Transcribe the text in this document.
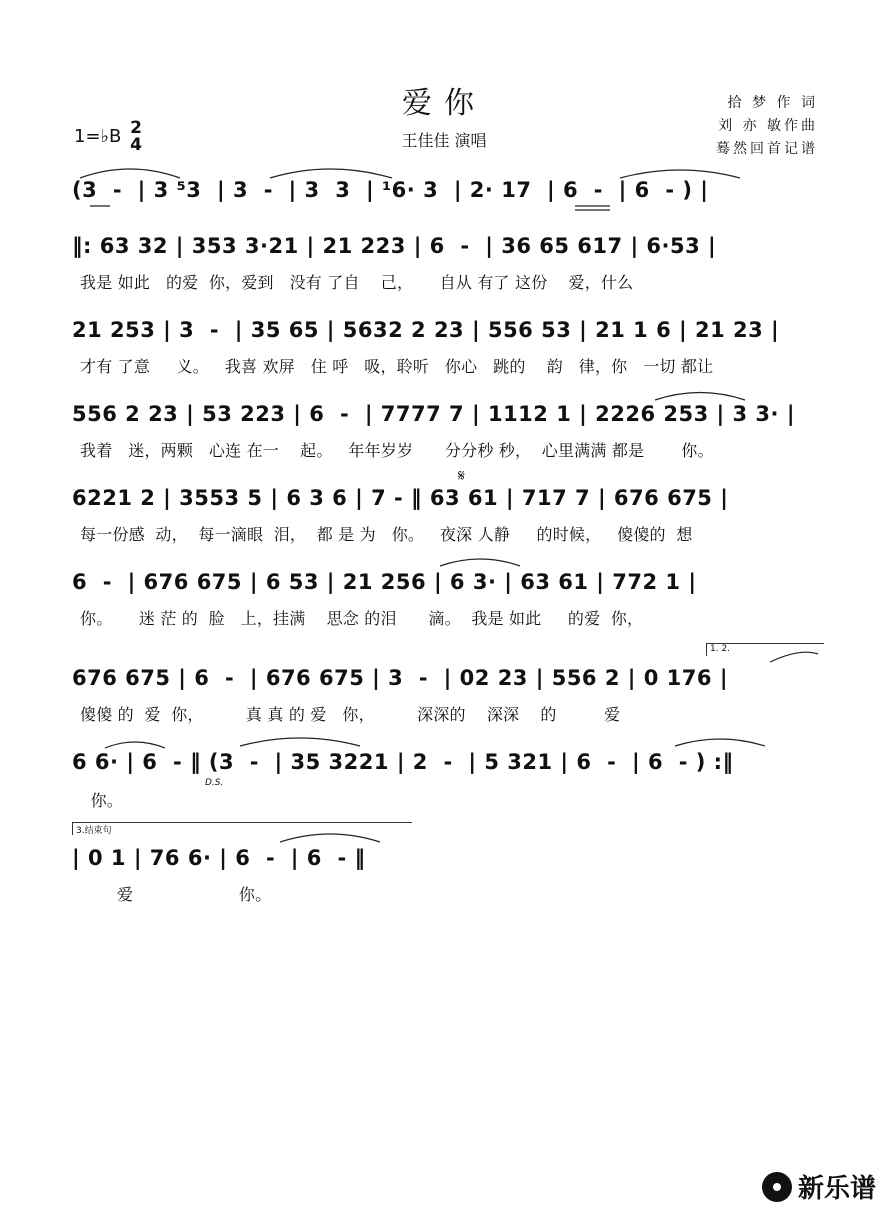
爱你
王佳佳 演唱
拾 梦 作 词
刘 亦 敏作曲
蓦然回首记谱
1=♭B 2
4
(3  -  | 3 ⁵3  | 3  -  | 3  3  | ¹6· 3  | 2· 17  | 6  -  | 6  - ) |
‖: 63 32 | 353 3·21 | 21 223 | 6  -  | 36 65 617 | 6·53 |
我是 如此   的爱  你，爱到   没有 了自    己，     自从 有了 这份    爱，什么
21 253 | 3  -  | 35 65 | 5632 2 23 | 556 53 | 21 1 6 | 21 23 |
才有 了意     义。   我喜 欢屏   住 呼   吸，聆听   你心   跳的    韵   律，你   一切 都让
556 2 23 | 53 223 | 6  -  | 7777 7 | 1112 1 | 2226 253 | 3 3· |
我着   迷，两颗   心连 在一    起。   年年岁岁      分分秒 秒，  心里满满 都是       你。
𝄋
6221 2 | 3553 5 | 6 3 6 | 7 - ‖ 63 61 | 717 7 | 676 675 |
每一份感  动，  每一滴眼  泪，  都 是 为   你。   夜深 人静     的时候，   傻傻的  想
6  -  | 676 675 | 6 53 | 21 256 | 6 3· | 63 61 | 772 1 |
你。     迷 茫 的  脸   上，挂满    思念 的泪      滴。  我是 如此     的爱  你，
1. 2.
676 675 | 6  -  | 676 675 | 3  -  | 02 23 | 556 2 | 0 176 |
傻傻 的  爱  你，        真 真 的 爱   你，        深深的    深深    的         爱
6 6· | 6  - ‖ (3  -  | 35 3221 | 2  -  | 5 321 | 6  -  | 6  - ) :‖
D.S.
你。
3.结束句
| 0 1 | 76 6· | 6  -  | 6  - ‖
爱                    你。
新乐谱
